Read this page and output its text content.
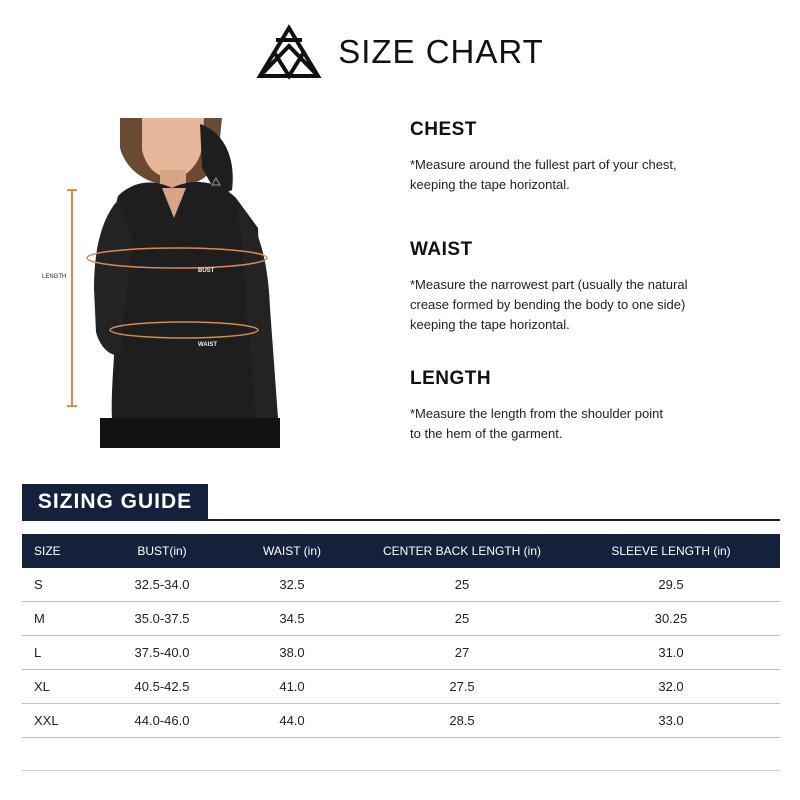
SIZE CHART
LENGTH
BUST
WAIST
CHEST
*Measure around the fullest part of your chest,
keeping the tape horizontal.
WAIST
*Measure the narrowest part (usually the natural
crease formed by bending the body to one side)
keeping the tape horizontal.
LENGTH
*Measure the length from the shoulder point
to the hem of the garment.
SIZING GUIDE
SIZE	BUST(in)	WAIST (in)	CENTER BACK LENGTH (in)	SLEEVE LENGTH (in)
S	32.5-34.0	32.5	25	29.5
M	35.0-37.5	34.5	25	30.25
L	37.5-40.0	38.0	27	31.0
XL	40.5-42.5	41.0	27.5	32.0
XXL	44.0-46.0	44.0	28.5	33.0
